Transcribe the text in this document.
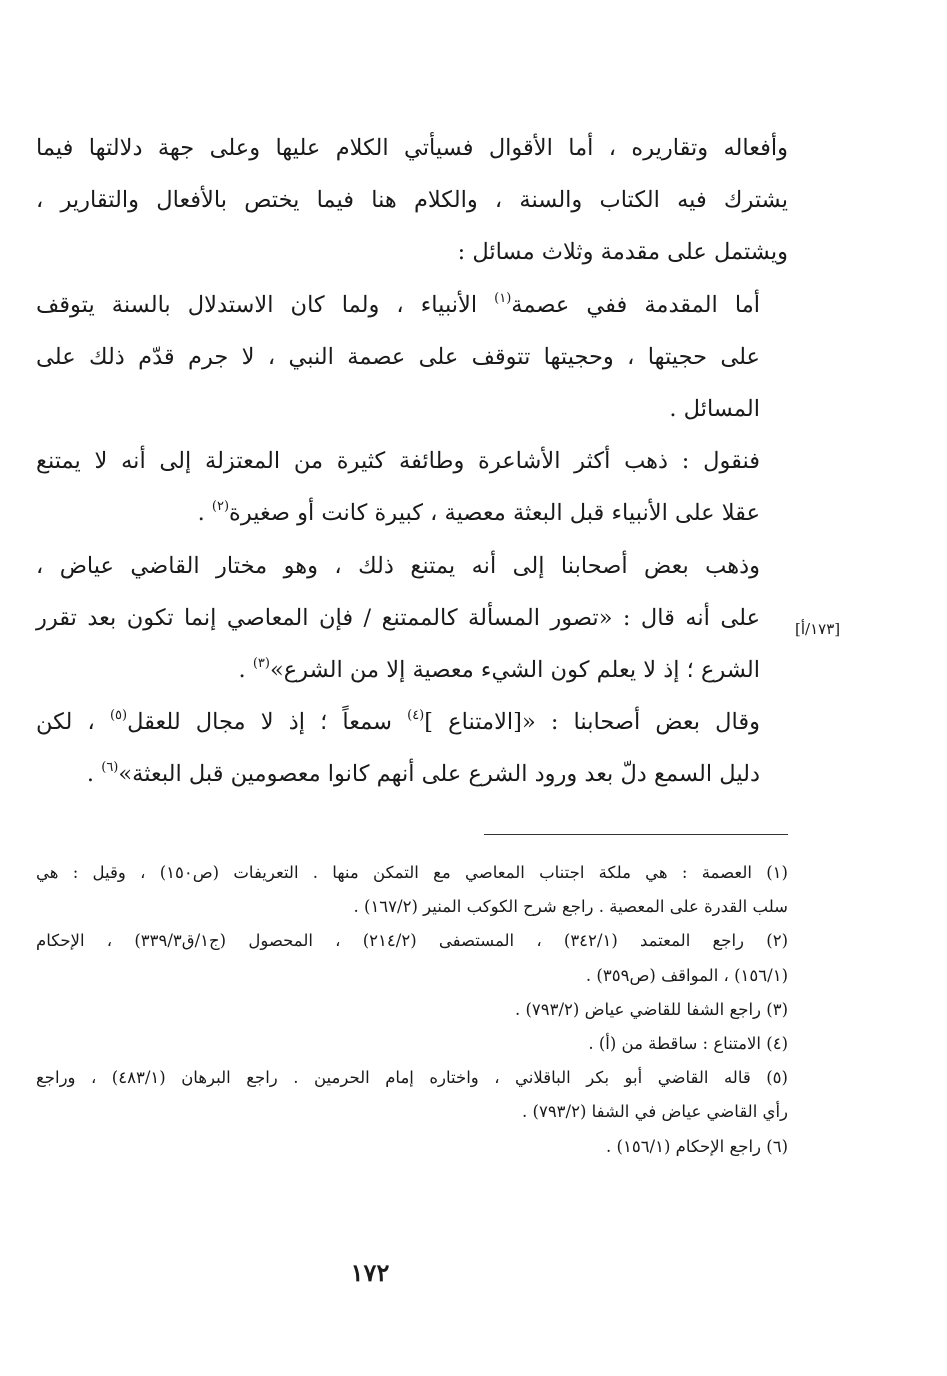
وأفعاله وتقاريره ، أما الأقوال فسيأتي الكلام عليها وعلى جهة دلالتها فيما
يشترك فيه الكتاب والسنة ، والكلام هنا فيما يختص بالأفعال والتقارير ،
ويشتمل على مقدمة وثلاث مسائل :

أما المقدمة ففي عصمة$^{(١)}$ الأنبياء ، ولما كان الاستدلال بالسنة يتوقف
على حجيتها ، وحجيتها تتوقف على عصمة النبي ، لا جرم قدّم ذلك على
المسائل .

فنقول : ذهب أكثر الأشاعرة وطائفة كثيرة من المعتزلة إلى أنه لا يمتنع
عقلا على الأنبياء قبل البعثة معصية ، كبيرة كانت أو صغيرة$^{(٢)}$ .

وذهب بعض أصحابنا إلى أنه يمتنع ذلك ، وهو مختار القاضي عياض ،
على أنه قال : «تصور المسألة كالممتنع / فإن المعاصي إنما تكون بعد تقرر
الشرع ؛ إذ لا يعلم كون الشيء معصية إلا من الشرع»$^{(٣)}$ .

وقال بعض أصحابنا : «[الامتناع ]$^{(٤)}$ سمعاً ؛ إذ لا مجال للعقل$^{(٥)}$ ، لكن
دليل السمع دلّ بعد ورود الشرع على أنهم كانوا معصومين قبل البعثة»$^{(٦)}$ .

[١٧٣/أ]

(١) العصمة : هي ملكة اجتناب المعاصي مع التمكن منها . التعريفات (ص١٥٠) ، وقيل : هي
سلب القدرة على المعصية . راجع شرح الكوكب المنير (١٦٧/٢) .

(٢) راجع المعتمد (٣٤٢/١) ، المستصفى (٢١٤/٢) ، المحصول (ج١/ق٣٣٩/٣) ، الإحكام
(١٥٦/١) ، المواقف (ص٣٥٩) .

(٣) راجع الشفا للقاضي عياض (٧٩٣/٢) .

(٤) الامتناع : ساقطة من (أ) .

(٥) قاله القاضي أبو بكر الباقلاني ، واختاره إمام الحرمين . راجع البرهان (٤٨٣/١) ، وراجع
رأي القاضي عياض في الشفا (٧٩٣/٢) .

(٦) راجع الإحكام (١٥٦/١) .

١٧٢
